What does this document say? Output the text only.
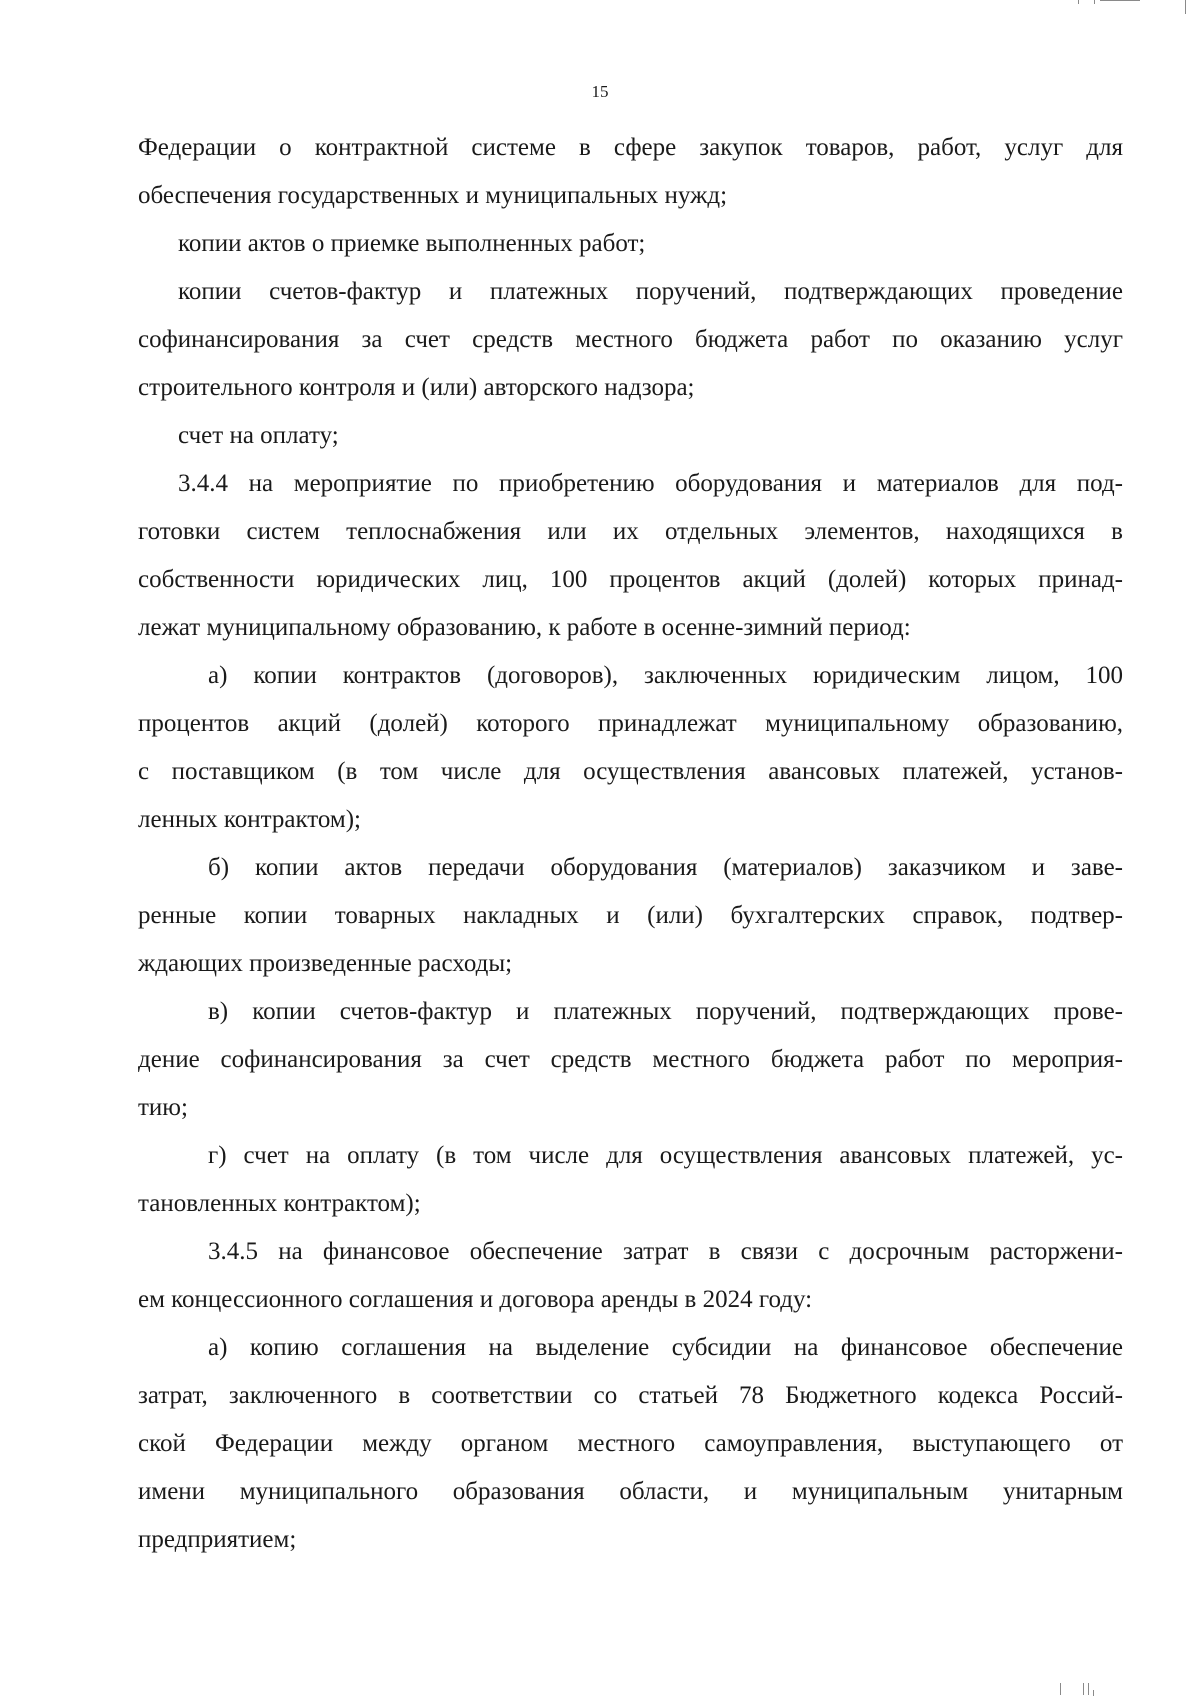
15
Федерации о контрактной системе в сфере закупок товаров, работ, услуг для
обеспечения государственных и муниципальных нужд;
копии актов о приемке выполненных работ;
копии счетов-фактур и платежных поручений, подтверждающих проведение
софинансирования за счет средств местного бюджета работ по оказанию услуг
строительного контроля и (или) авторского надзора;
счет на оплату;
3.4.4 на мероприятие по приобретению оборудования и материалов для под-
готовки систем теплоснабжения или их отдельных элементов, находящихся в
собственности юридических лиц, 100 процентов акций (долей) которых принад-
лежат муниципальному образованию, к работе в осенне-зимний период:
а) копии контрактов (договоров), заключенных юридическим лицом, 100
процентов акций (долей) которого принадлежат муниципальному образованию,
с поставщиком (в том числе для осуществления авансовых платежей, установ-
ленных контрактом);
б) копии актов передачи оборудования (материалов) заказчиком и заве-
ренные копии товарных накладных и (или) бухгалтерских справок, подтвер-
ждающих произведенные расходы;
в) копии счетов-фактур и платежных поручений, подтверждающих прове-
дение софинансирования за счет средств местного бюджета работ по мероприя-
тию;
г) счет на оплату (в том числе для осуществления авансовых платежей, ус-
тановленных контрактом);
3.4.5 на финансовое обеспечение затрат в связи с досрочным расторжени-
ем концессионного соглашения и договора аренды в 2024 году:
а) копию соглашения на выделение субсидии на финансовое обеспечение
затрат, заключенного в соответствии со статьей 78 Бюджетного кодекса Россий-
ской Федерации между органом местного самоуправления, выступающего от
имени муниципального образования области, и муниципальным унитарным
предприятием;
